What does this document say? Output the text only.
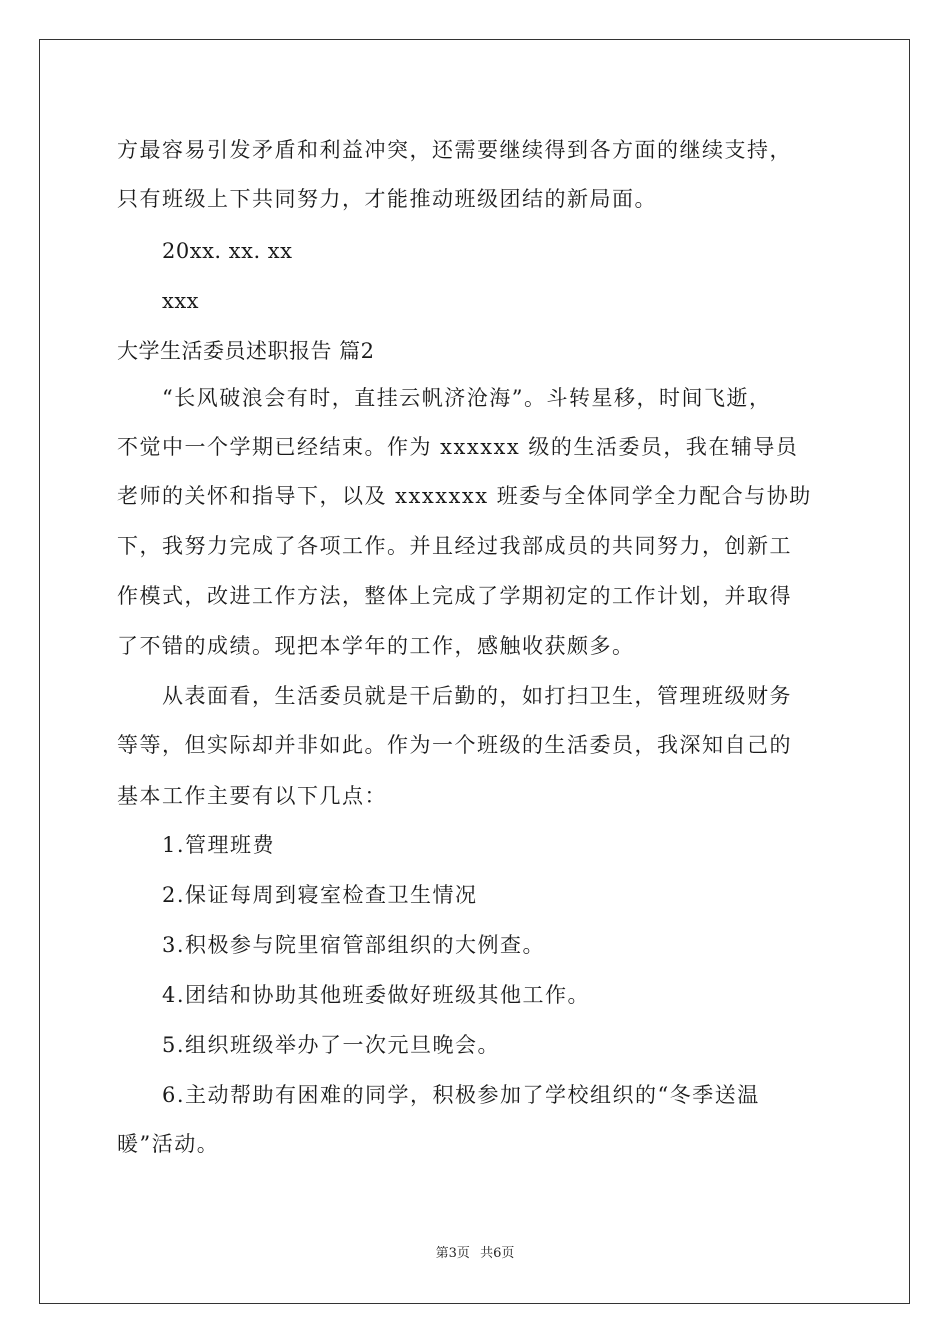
方最容易引发矛盾和利益冲突，还需要继续得到各方面的继续支持，
只有班级上下共同努力，才能推动班级团结的新局面。
20xx. xx. xx
xxx
大学生活委员述职报告 篇2
“长风破浪会有时，直挂云帆济沧海”。斗转星移，时间飞逝，
不觉中一个学期已经结束。作为 xxxxxx 级的生活委员，我在辅导员
老师的关怀和指导下，以及 xxxxxxx 班委与全体同学全力配合与协助
下，我努力完成了各项工作。并且经过我部成员的共同努力，创新工
作模式，改进工作方法，整体上完成了学期初定的工作计划，并取得
了不错的成绩。现把本学年的工作，感触收获颇多。
从表面看，生活委员就是干后勤的，如打扫卫生，管理班级财务
等等，但实际却并非如此。作为一个班级的生活委员，我深知自己的
基本工作主要有以下几点：
1.管理班费
2.保证每周到寝室检查卫生情况
3.积极参与院里宿管部组织的大例查。
4.团结和协助其他班委做好班级其他工作。
5.组织班级举办了一次元旦晚会。
6.主动帮助有困难的同学，积极参加了学校组织的“冬季送温
暖”活动。
第3页 共6页
